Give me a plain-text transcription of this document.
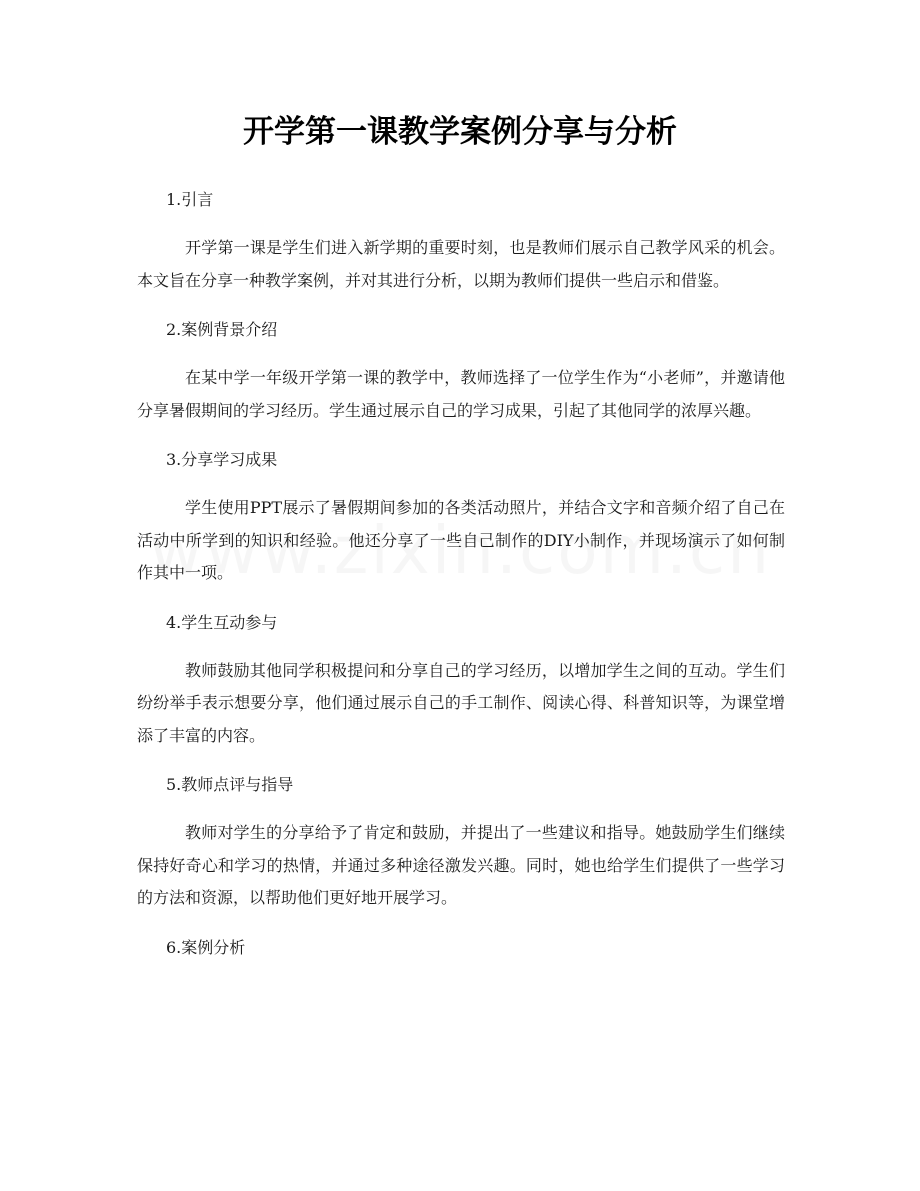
开学第一课教学案例分享与分析

1.引言

开学第一课是学生们进入新学期的重要时刻，也是教师们展示自己教学风采的机会。本文旨在分享一种教学案例，并对其进行分析，以期为教师们提供一些启示和借鉴。

2.案例背景介绍

在某中学一年级开学第一课的教学中，教师选择了一位学生作为“小老师”，并邀请他分享暑假期间的学习经历。学生通过展示自己的学习成果，引起了其他同学的浓厚兴趣。

3.分享学习成果

学生使用PPT展示了暑假期间参加的各类活动照片，并结合文字和音频介绍了自己在活动中所学到的知识和经验。他还分享了一些自己制作的DIY小制作，并现场演示了如何制作其中一项。

4.学生互动参与

教师鼓励其他同学积极提问和分享自己的学习经历，以增加学生之间的互动。学生们纷纷举手表示想要分享，他们通过展示自己的手工制作、阅读心得、科普知识等，为课堂增添了丰富的内容。

5.教师点评与指导

教师对学生的分享给予了肯定和鼓励，并提出了一些建议和指导。她鼓励学生们继续保持好奇心和学习的热情，并通过多种途径激发兴趣。同时，她也给学生们提供了一些学习的方法和资源，以帮助他们更好地开展学习。

6.案例分析
